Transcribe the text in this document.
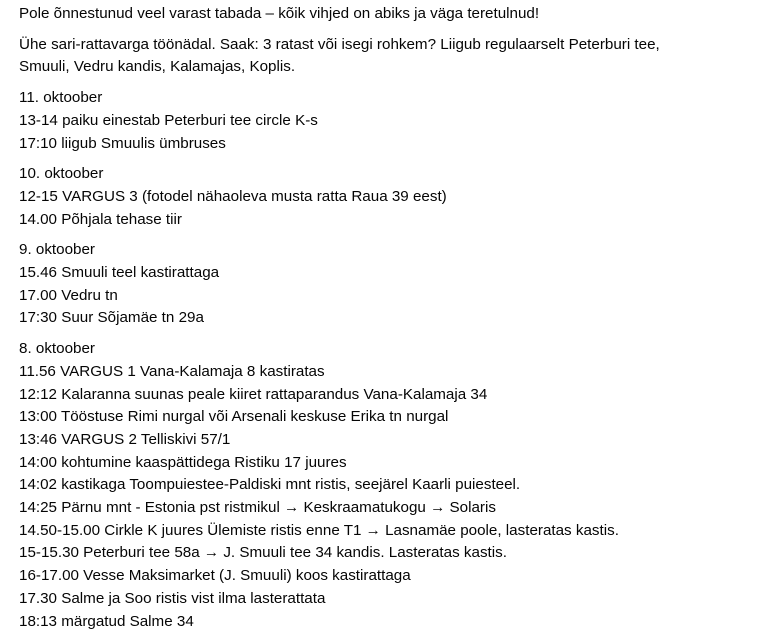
Pole õnnestunud veel varast tabada – kõik vihjed on abiks ja väga teretulnud!
Ühe sari-rattavarga töönädal. Saak: 3 ratast või isegi rohkem? Liigub regulaarselt Peterburi tee,
Smuuli, Vedru kandis, Kalamajas, Koplis.
11. oktoober
13-14 paiku einestab Peterburi tee circle K-s
17:10 liigub Smuulis ümbruses
10. oktoober
12-15 VARGUS 3 (fotodel nähaoleva musta ratta Raua 39 eest)
14.00 Põhjala tehase tiir
9. oktoober
15.46 Smuuli teel kastirattaga
17.00 Vedru tn
17:30 Suur Sõjamäe tn 29a
8. oktoober
11.56 VARGUS 1 Vana-Kalamaja 8 kastiratas
12:12 Kalaranna suunas peale kiiret rattaparandus Vana-Kalamaja 34
13:00 Tööstuse Rimi nurgal või Arsenali keskuse Erika tn nurgal
13:46 VARGUS 2 Telliskivi 57/1
14:00 kohtumine kaaspättidega Ristiku 17 juures
14:02 kastikaga Toompuiestee-Paldiski mnt ristis, seejärel Kaarli puiesteel.
14:25 Pärnu mnt - Estonia pst ristmikul → Keskraamatukogu → Solaris
14.50-15.00 Cirkle K juures Ülemiste ristis enne T1 → Lasnamäe poole, lasteratas kastis.
15-15.30 Peterburi tee 58a → J. Smuuli tee 34 kandis. Lasteratas kastis.
16-17.00 Vesse Maksimarket (J. Smuuli) koos kastirattaga
17.30 Salme ja Soo ristis vist ilma lasterattata
18:13 märgatud Salme 34
